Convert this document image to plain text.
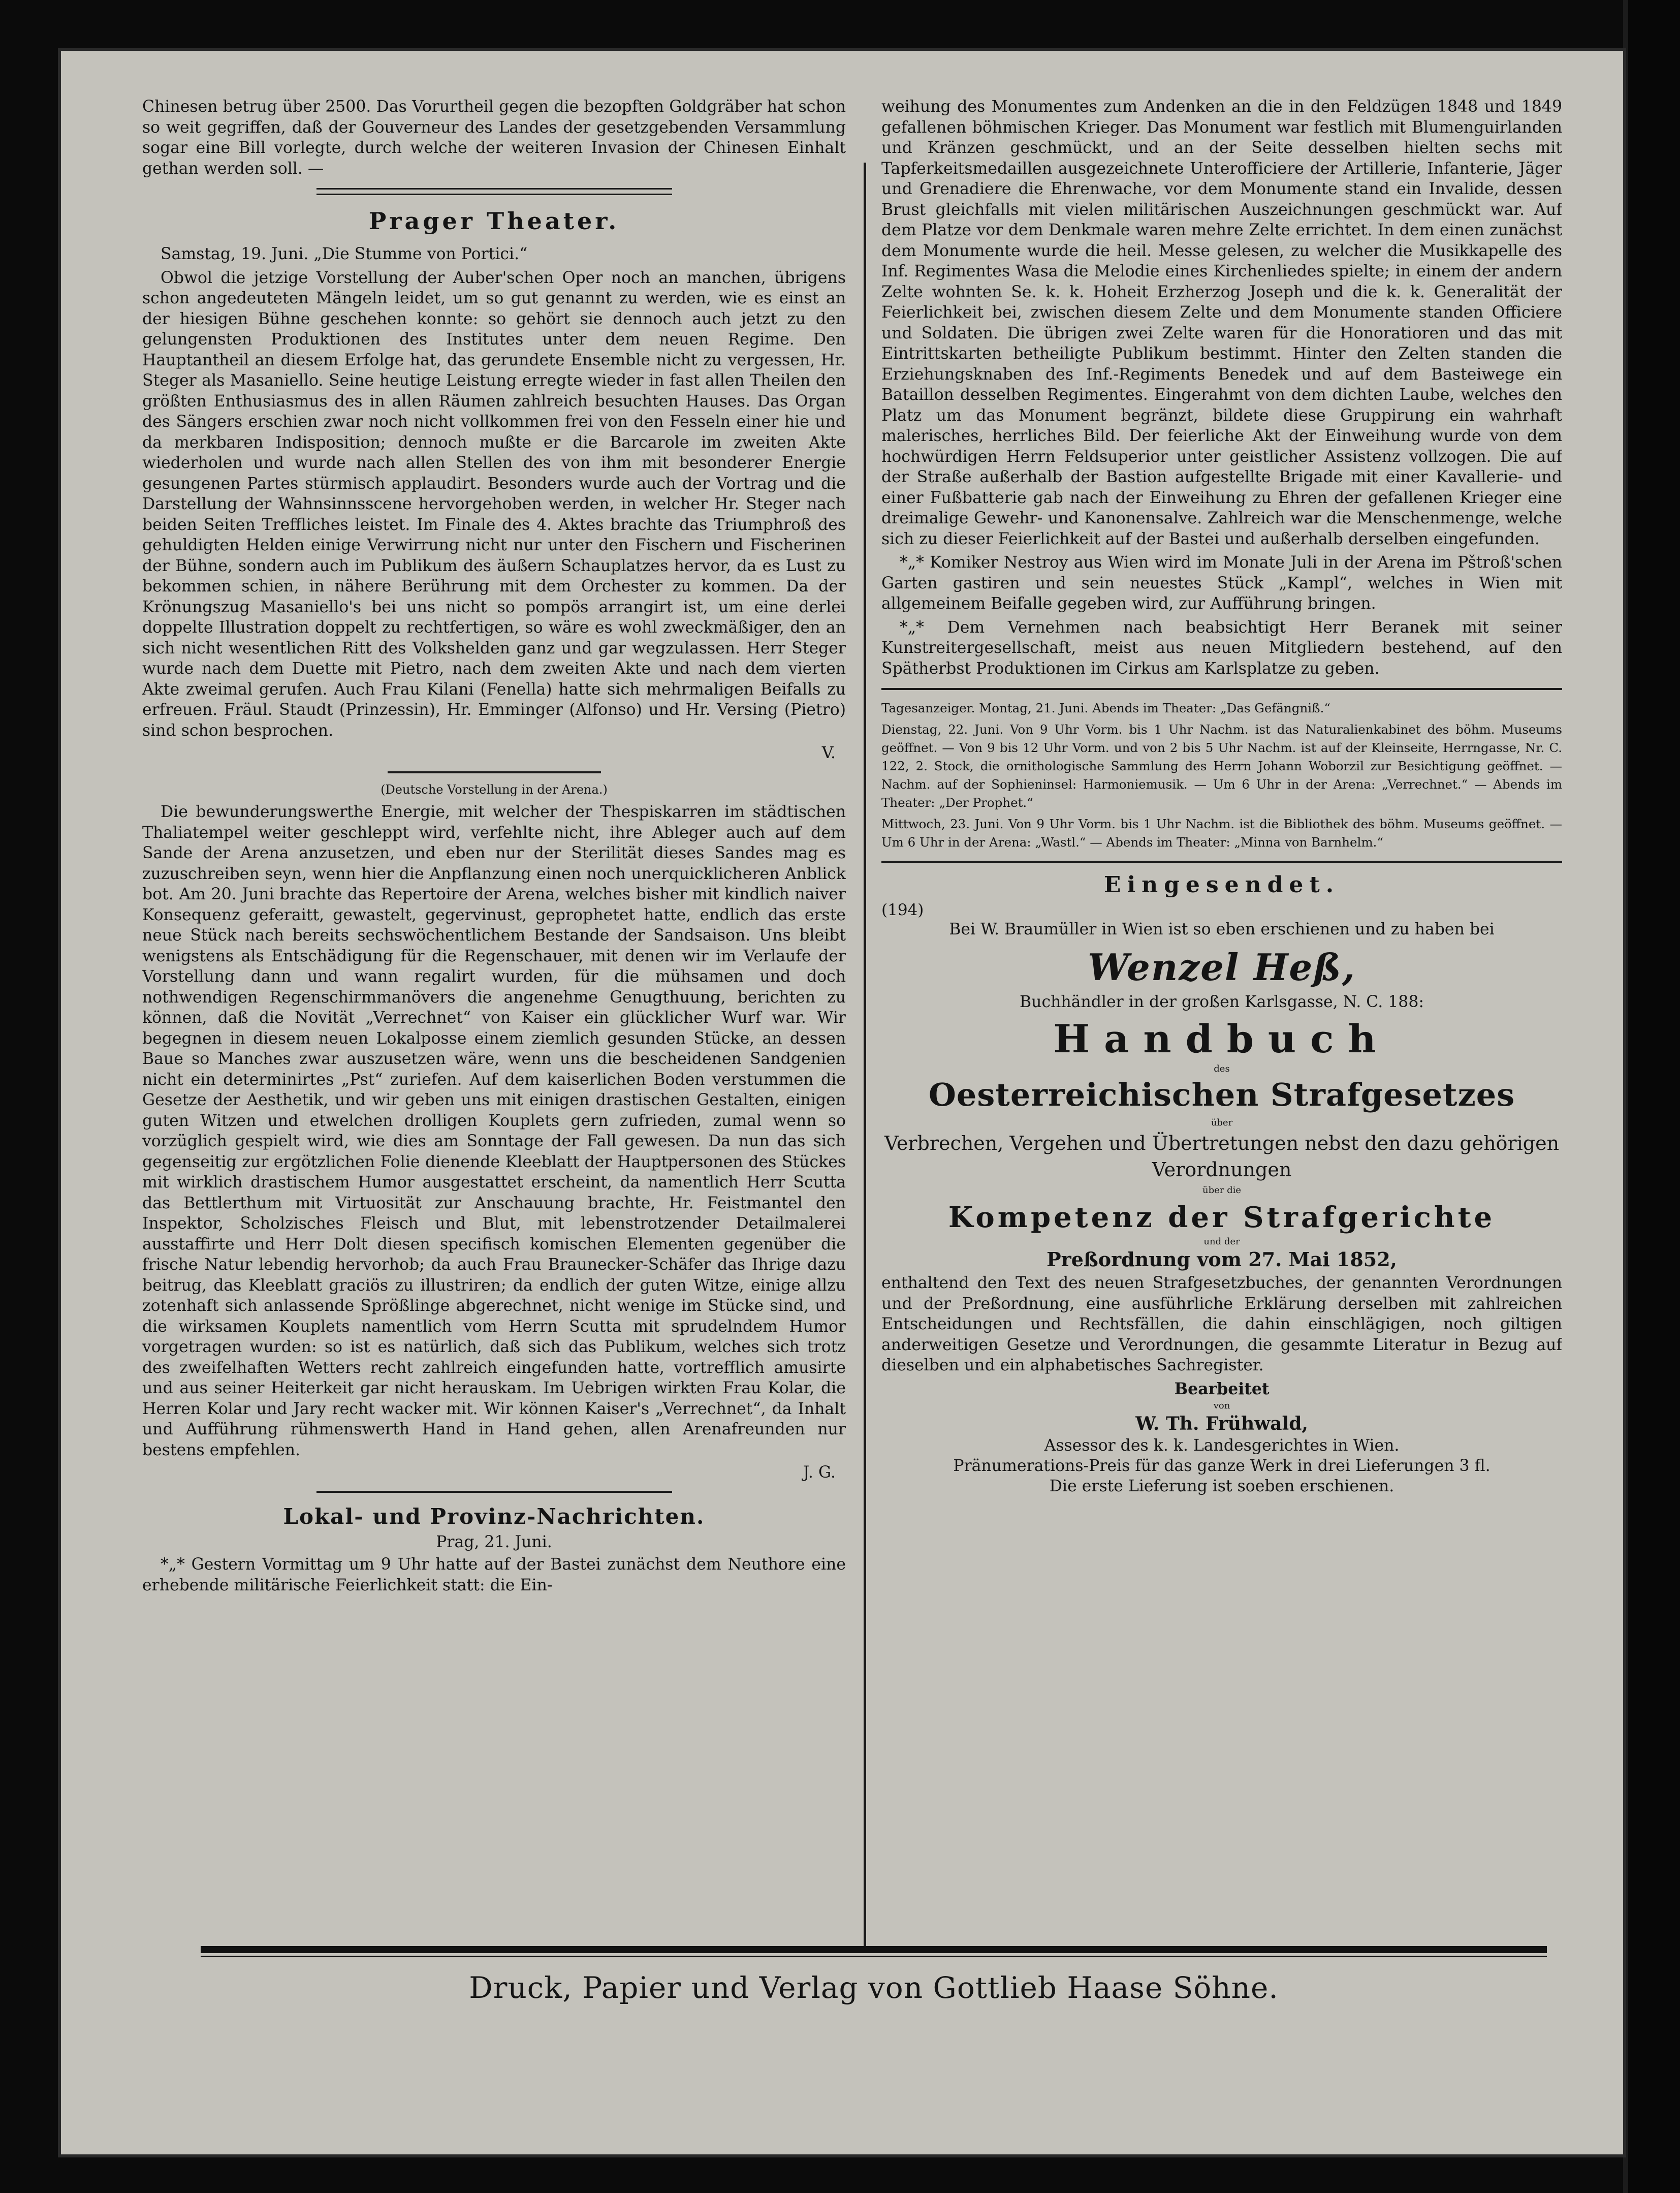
Chinesen betrug über 2500. Das Vorurtheil gegen die bezopften Goldgräber hat schon so weit gegriffen, daß der Gouverneur des Landes der gesetzgebenden Versammlung sogar eine Bill vorlegte, durch welche der weiteren Invasion der Chinesen Einhalt gethan werden soll. —

Prager Theater.

Samstag, 19. Juni. „Die Stumme von Portici.“

Obwol die jetzige Vorstellung der Auber'schen Oper noch an manchen, übrigens schon angedeuteten Mängeln leidet, um so gut genannt zu werden, wie es einst an der hiesigen Bühne geschehen konnte: so gehört sie dennoch auch jetzt zu den gelungensten Produktionen des Institutes unter dem neuen Regime. Den Hauptantheil an diesem Erfolge hat, das gerundete Ensemble nicht zu vergessen, Hr. Steger als Masaniello. Seine heutige Leistung erregte wieder in fast allen Theilen den größten Enthusiasmus des in allen Räumen zahlreich besuchten Hauses. Das Organ des Sängers erschien zwar noch nicht vollkommen frei von den Fesseln einer hie und da merkbaren Indisposition; dennoch mußte er die Barcarole im zweiten Akte wiederholen und wurde nach allen Stellen des von ihm mit besonderer Energie gesungenen Partes stürmisch applaudirt. Besonders wurde auch der Vortrag und die Darstellung der Wahnsinnsscene hervorgehoben werden, in welcher Hr. Steger nach beiden Seiten Treffliches leistet. Im Finale des 4. Aktes brachte das Triumphroß des gehuldigten Helden einige Verwirrung nicht nur unter den Fischern und Fischerinen der Bühne, sondern auch im Publikum des äußern Schauplatzes hervor, da es Lust zu bekommen schien, in nähere Berührung mit dem Orchester zu kommen. Da der Krönungszug Masaniello's bei uns nicht so pompös arrangirt ist, um eine derlei doppelte Illustration doppelt zu rechtfertigen, so wäre es wohl zweckmäßiger, den an sich nicht wesentlichen Ritt des Volkshelden ganz und gar wegzulassen. Herr Steger wurde nach dem Duette mit Pietro, nach dem zweiten Akte und nach dem vierten Akte zweimal gerufen. Auch Frau Kilani (Fenella) hatte sich mehrmaligen Beifalls zu erfreuen. Fräul. Staudt (Prinzessin), Hr. Emminger (Alfonso) und Hr. Versing (Pietro) sind schon besprochen.

V.
(Deutsche Vorstellung in der Arena.)

Die bewunderungswerthe Energie, mit welcher der Thespiskarren im städtischen Thaliatempel weiter geschleppt wird, verfehlte nicht, ihre Ableger auch auf dem Sande der Arena anzusetzen, und eben nur der Sterilität dieses Sandes mag es zuzuschreiben seyn, wenn hier die Anpflanzung einen noch unerquicklicheren Anblick bot. Am 20. Juni brachte das Repertoire der Arena, welches bisher mit kindlich naiver Konsequenz geferaitt, gewastelt, gegervinust, geprophetet hatte, endlich das erste neue Stück nach bereits sechswöchentlichem Bestande der Sandsaison. Uns bleibt wenigstens als Entschädigung für die Regenschauer, mit denen wir im Verlaufe der Vorstellung dann und wann regalirt wurden, für die mühsamen und doch nothwendigen Regenschirmmanövers die angenehme Genugthuung, berichten zu können, daß die Novität „Verrechnet“ von Kaiser ein glücklicher Wurf war. Wir begegnen in diesem neuen Lokalposse einem ziemlich gesunden Stücke, an dessen Baue so Manches zwar auszusetzen wäre, wenn uns die bescheidenen Sandgenien nicht ein determinirtes „Pst“ zuriefen. Auf dem kaiserlichen Boden verstummen die Gesetze der Aesthetik, und wir geben uns mit einigen drastischen Gestalten, einigen guten Witzen und etwelchen drolligen Kouplets gern zufrieden, zumal wenn so vorzüglich gespielt wird, wie dies am Sonntage der Fall gewesen. Da nun das sich gegenseitig zur ergötzlichen Folie dienende Kleeblatt der Hauptpersonen des Stückes mit wirklich drastischem Humor ausgestattet erscheint, da namentlich Herr Scutta das Bettlerthum mit Virtuosität zur Anschauung brachte, Hr. Feistmantel den Inspektor, Scholzisches Fleisch und Blut, mit lebenstrotzender Detailmalerei ausstaffirte und Herr Dolt diesen specifisch komischen Elementen gegenüber die frische Natur lebendig hervorhob; da auch Frau Braunecker-Schäfer das Ihrige dazu beitrug, das Kleeblatt graciös zu illustriren; da endlich der guten Witze, einige allzu zotenhaft sich anlassende Sprößlinge abgerechnet, nicht wenige im Stücke sind, und die wirksamen Kouplets namentlich vom Herrn Scutta mit sprudelndem Humor vorgetragen wurden: so ist es natürlich, daß sich das Publikum, welches sich trotz des zweifelhaften Wetters recht zahlreich eingefunden hatte, vortrefflich amusirte und aus seiner Heiterkeit gar nicht herauskam. Im Uebrigen wirkten Frau Kolar, die Herren Kolar und Jary recht wacker mit. Wir können Kaiser's „Verrechnet“, da Inhalt und Aufführung rühmenswerth Hand in Hand gehen, allen Arenafreunden nur bestens empfehlen.

J. G.
Lokal- und Provinz-Nachrichten.
Prag, 21. Juni.

*„* Gestern Vormittag um 9 Uhr hatte auf der Bastei zunächst dem Neuthore eine erhebende militärische Feierlichkeit statt: die Ein-

weihung des Monumentes zum Andenken an die in den Feldzügen 1848 und 1849 gefallenen böhmischen Krieger. Das Monument war festlich mit Blumenguirlanden und Kränzen geschmückt, und an der Seite desselben hielten sechs mit Tapferkeitsmedaillen ausgezeichnete Unterofficiere der Artillerie, Infanterie, Jäger und Grenadiere die Ehrenwache, vor dem Monumente stand ein Invalide, dessen Brust gleichfalls mit vielen militärischen Auszeichnungen geschmückt war. Auf dem Platze vor dem Denkmale waren mehre Zelte errichtet. In dem einen zunächst dem Monumente wurde die heil. Messe gelesen, zu welcher die Musikkapelle des Inf. Regimentes Wasa die Melodie eines Kirchenliedes spielte; in einem der andern Zelte wohnten Se. k. k. Hoheit Erzherzog Joseph und die k. k. Generalität der Feierlichkeit bei, zwischen diesem Zelte und dem Monumente standen Officiere und Soldaten. Die übrigen zwei Zelte waren für die Honoratioren und das mit Eintrittskarten betheiligte Publikum bestimmt. Hinter den Zelten standen die Erziehungsknaben des Inf.-Regiments Benedek und auf dem Basteiwege ein Bataillon desselben Regimentes. Eingerahmt von dem dichten Laube, welches den Platz um das Monument begränzt, bildete diese Gruppirung ein wahrhaft malerisches, herrliches Bild. Der feierliche Akt der Einweihung wurde von dem hochwürdigen Herrn Feldsuperior unter geistlicher Assistenz vollzogen. Die auf der Straße außerhalb der Bastion aufgestellte Brigade mit einer Kavallerie- und einer Fußbatterie gab nach der Einweihung zu Ehren der gefallenen Krieger eine dreimalige Gewehr- und Kanonensalve. Zahlreich war die Menschenmenge, welche sich zu dieser Feierlichkeit auf der Bastei und außerhalb derselben eingefunden.

*„* Komiker Nestroy aus Wien wird im Monate Juli in der Arena im Pštroß'schen Garten gastiren und sein neuestes Stück „Kampl“, welches in Wien mit allgemeinem Beifalle gegeben wird, zur Aufführung bringen.

*„* Dem Vernehmen nach beabsichtigt Herr Beranek mit seiner Kunstreitergesellschaft, meist aus neuen Mitgliedern bestehend, auf den Spätherbst Produktionen im Cirkus am Karlsplatze zu geben.

Tagesanzeiger. Montag, 21. Juni. Abends im Theater: „Das Gefängniß.“

Dienstag, 22. Juni. Von 9 Uhr Vorm. bis 1 Uhr Nachm. ist das Naturalienkabinet des böhm. Museums geöffnet. — Von 9 bis 12 Uhr Vorm. und von 2 bis 5 Uhr Nachm. ist auf der Kleinseite, Herrngasse, Nr. C. 122, 2. Stock, die ornithologische Sammlung des Herrn Johann Woborzil zur Besichtigung geöffnet. — Nachm. auf der Sophieninsel: Harmoniemusik. — Um 6 Uhr in der Arena: „Verrechnet.“ — Abends im Theater: „Der Prophet.“

Mittwoch, 23. Juni. Von 9 Uhr Vorm. bis 1 Uhr Nachm. ist die Bibliothek des böhm. Museums geöffnet. — Um 6 Uhr in der Arena: „Wastl.“ — Abends im Theater: „Minna von Barnhelm.“

Eingesendet.
(194)

Bei W. Braumüller in Wien ist so eben erschienen und zu haben bei

Wenzel Heß,

Buchhändler in der großen Karlsgasse, N. C. 188:

Handbuch
des
Oesterreichischen Strafgesetzes
über
Verbrechen, Vergehen und Übertretungen nebst den dazu gehörigen Verordnungen
über die
Kompetenz der Strafgerichte
und der
Preßordnung vom 27. Mai 1852,

enthaltend den Text des neuen Strafgesetzbuches, der genannten Verordnungen und der Preßordnung, eine ausführliche Erklärung derselben mit zahlreichen Entscheidungen und Rechtsfällen, die dahin einschlägigen, noch giltigen anderweitigen Gesetze und Verordnungen, die gesammte Literatur in Bezug auf dieselben und ein alphabetisches Sachregister.

Bearbeitet
von
W. Th. Frühwald,
Assessor des k. k. Landesgerichtes in Wien.

Pränumerations-Preis für das ganze Werk in drei Lieferungen 3 fl.

Die erste Lieferung ist soeben erschienen.

Druck, Papier und Verlag von Gottlieb Haase Söhne.
